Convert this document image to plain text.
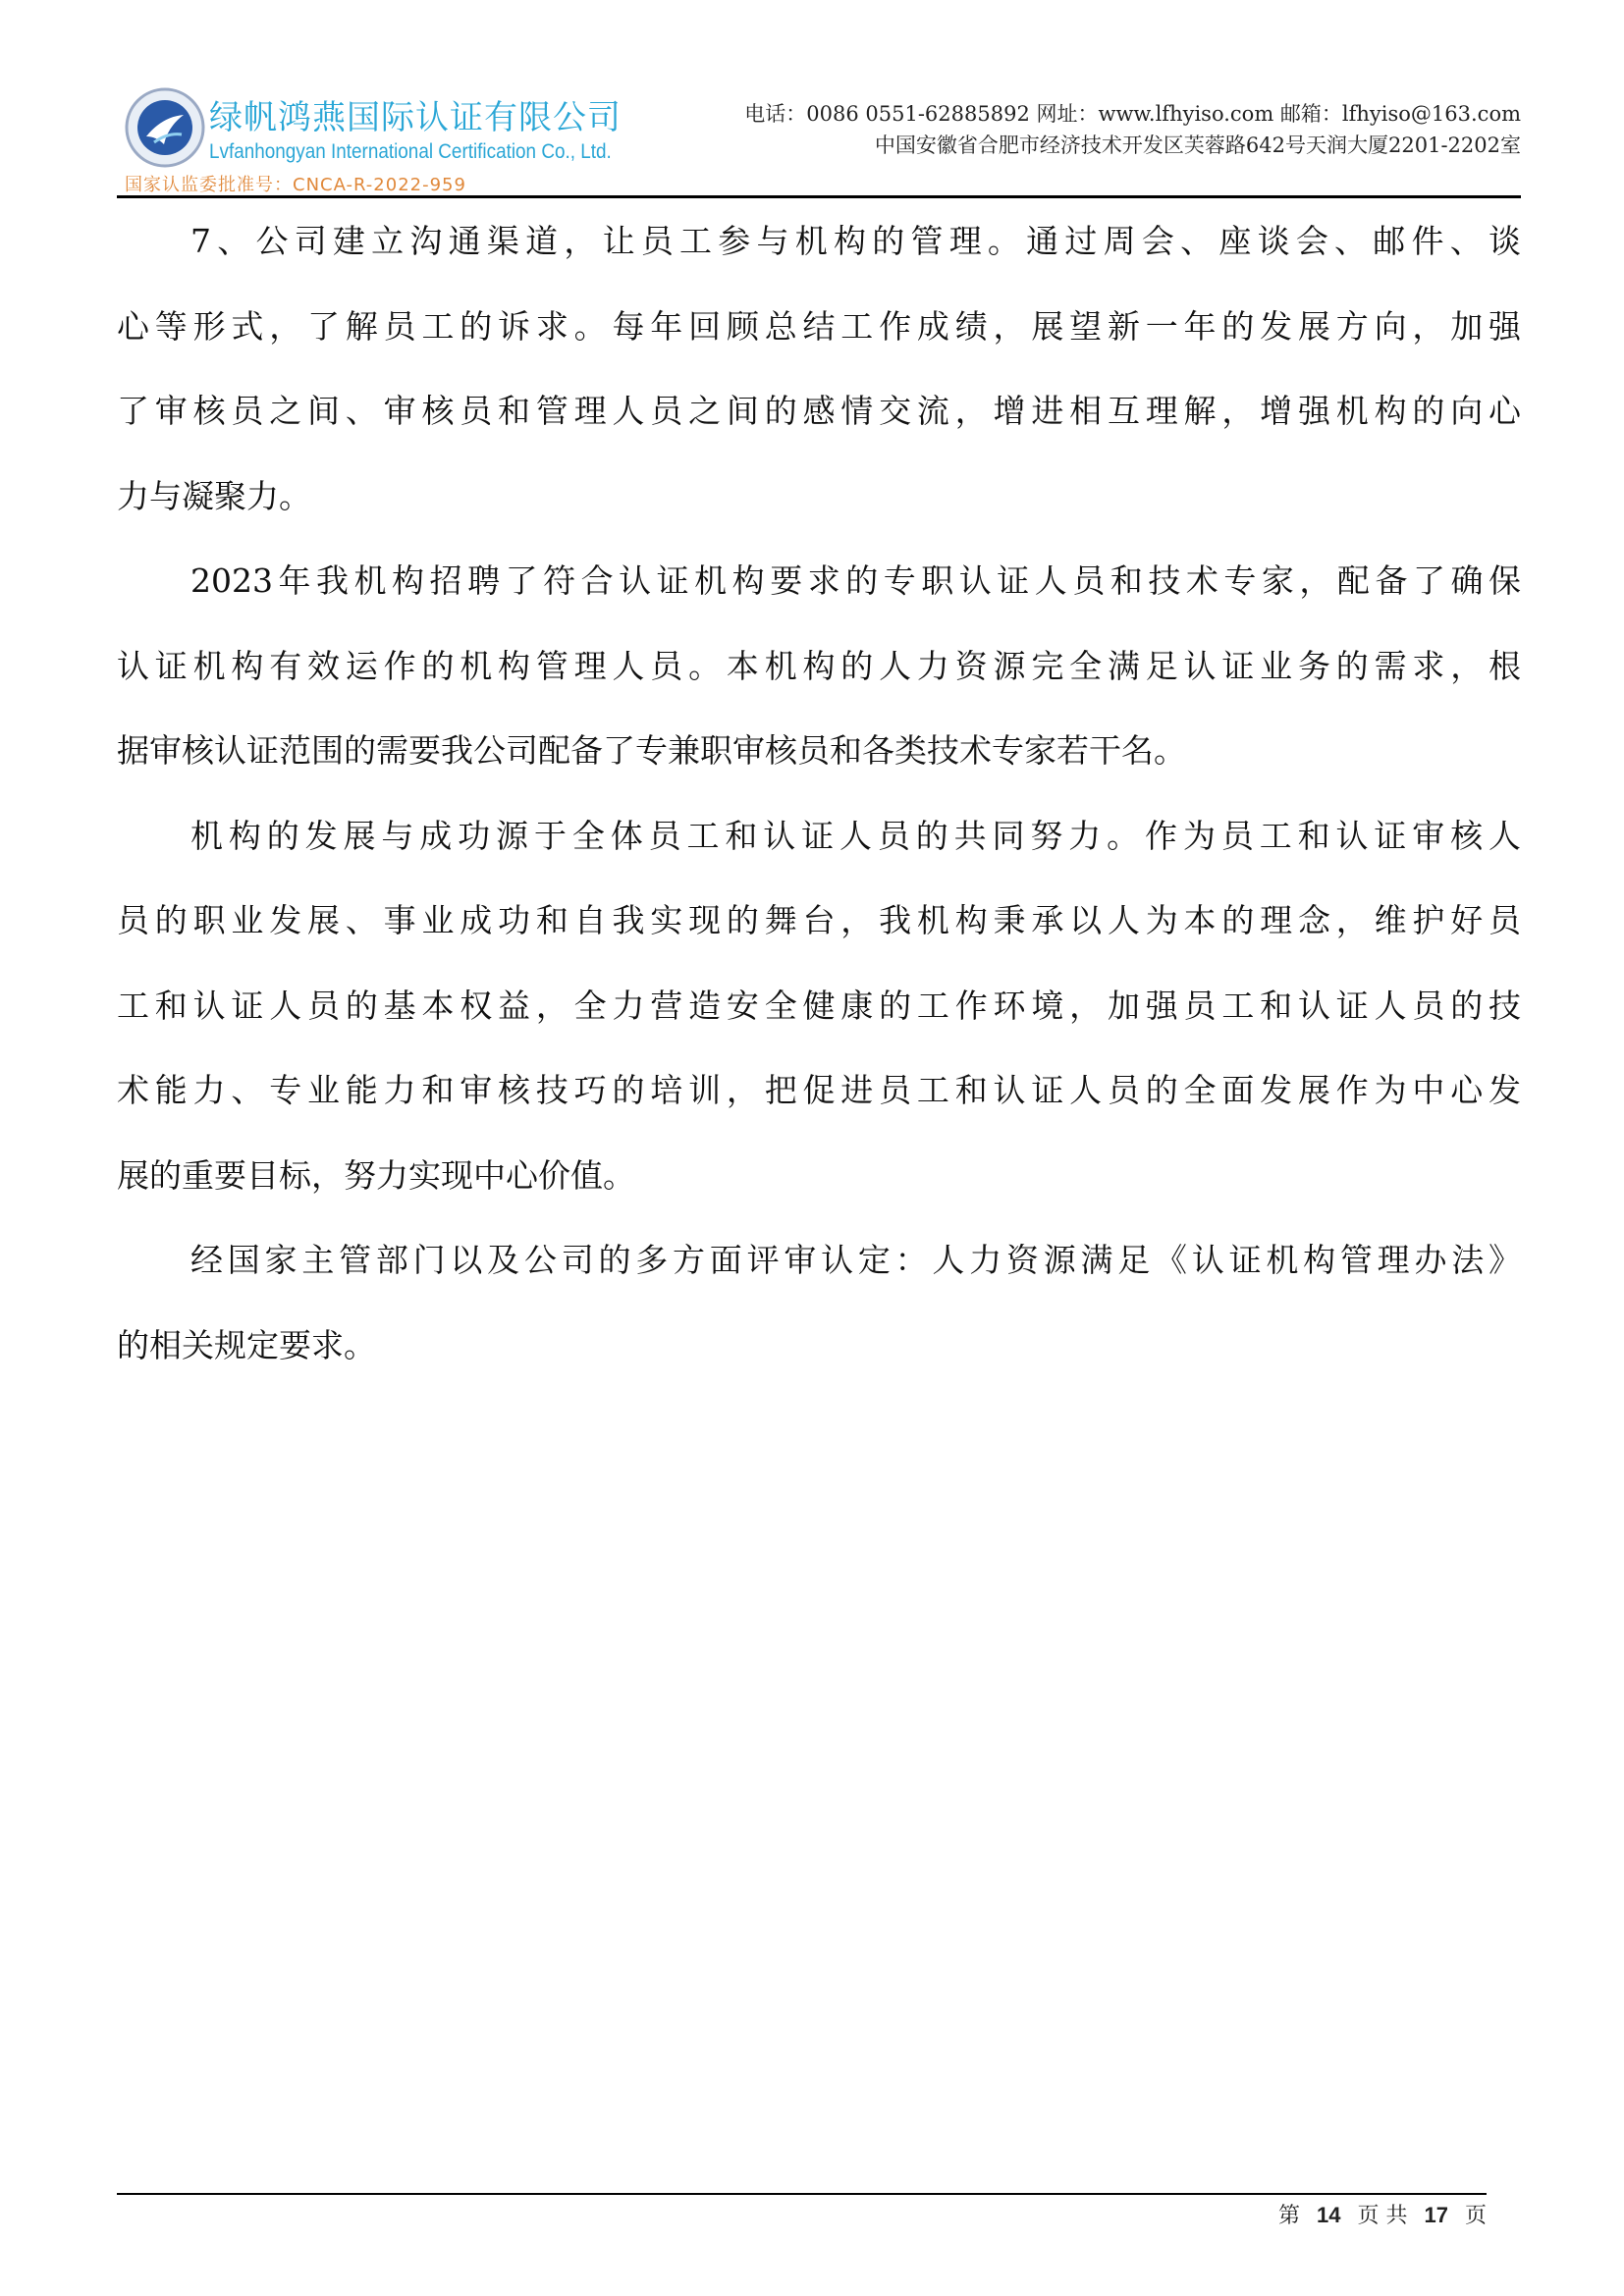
绿帆鸿燕国际认证有限公司
Lvfanhongyan International Certification Co., Ltd.
国家认监委批准号：CNCA-R-2022-959
电话：0086 0551-62885892 网址：www.lfhyiso.com 邮箱：lfhyiso@163.com
中国安徽省合肥市经济技术开发区芙蓉路642号天润大厦2201-2202室
7、公司建立沟通渠道，让员工参与机构的管理。通过周会、座谈会、邮件、谈
心等形式，了解员工的诉求。每年回顾总结工作成绩，展望新一年的发展方向，加强
了审核员之间、审核员和管理人员之间的感情交流，增进相互理解，增强机构的向心
力与凝聚力。
2023年我机构招聘了符合认证机构要求的专职认证人员和技术专家，配备了确保
认证机构有效运作的机构管理人员。本机构的人力资源完全满足认证业务的需求，根
据审核认证范围的需要我公司配备了专兼职审核员和各类技术专家若干名。
机构的发展与成功源于全体员工和认证人员的共同努力。作为员工和认证审核人
员的职业发展、事业成功和自我实现的舞台，我机构秉承以人为本的理念，维护好员
工和认证人员的基本权益，全力营造安全健康的工作环境，加强员工和认证人员的技
术能力、专业能力和审核技巧的培训，把促进员工和认证人员的全面发展作为中心发
展的重要目标，努力实现中心价值。
经国家主管部门以及公司的多方面评审认定：人力资源满足《认证机构管理办法》
的相关规定要求。
第 14 页 共 17 页
